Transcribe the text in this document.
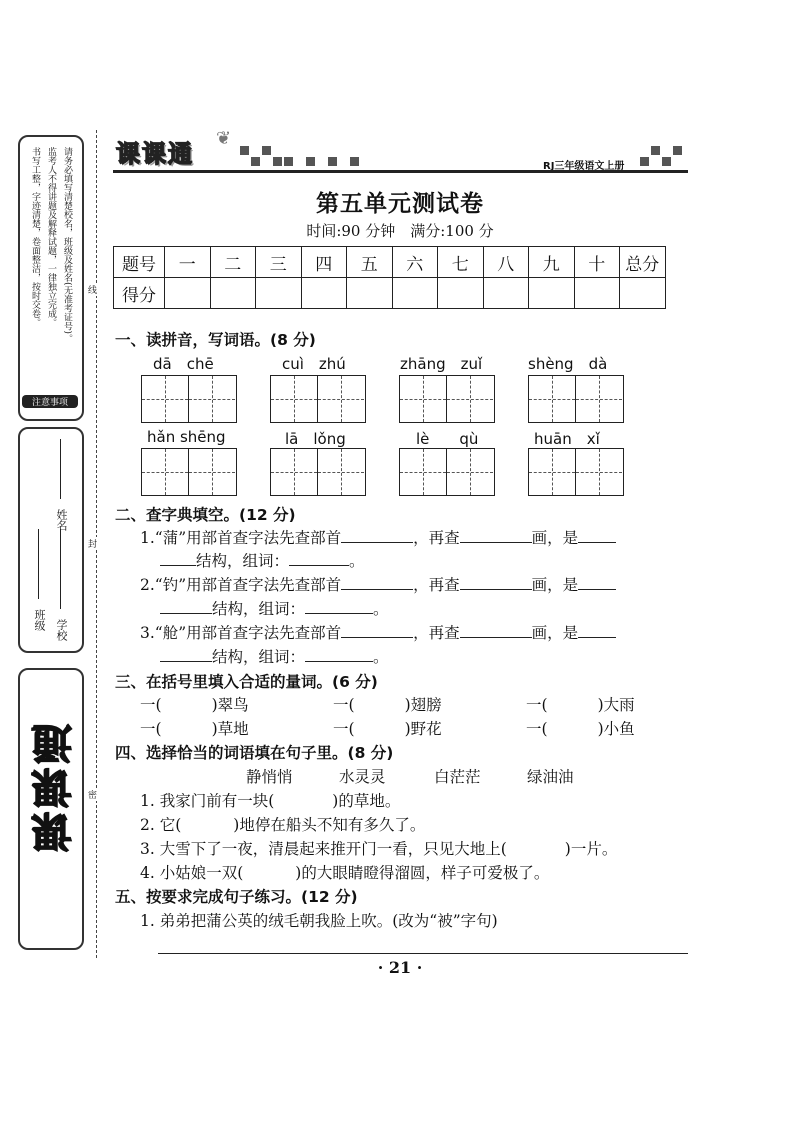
请务必填写清楚校名，班级及姓名(无准考证号)。
监考人不得讲题及解释试题，一律独立完成。
书写工整，字迹清楚，卷面整洁，按时交卷。
注意事项
姓名
班级 学校
课课通
线
封
密
课课通
❦
RJ三年级语文上册
第五单元测试卷
时间:90 分钟　满分:100 分
题号	一	二	三	四	五	六	七	八	九	十	总分
得分											
一、读拼音，写词语。(8 分)
dā　chē	cuì　zhú	zhāng　zuǐ	shèng　dà
hǎn shēng	lā　lǒng	lè　　qù	huān　xǐ
二、查字典填空。(12 分)
1.“蒲”用部首查字法先查部首	，再查	画，是
结构，组词：	。
2.“钓”用部首查字法先查部首	，再查	画，是
结构，组词：	。
3.“舱”用部首查字法先查部首	，再查	画，是
结构，组词：	。
三、在括号里填入合适的量词。(6 分)
一(	)翠鸟	一(	)翅膀	一(	)大雨
一(	)草地	一(	)野花	一(	)小鱼
四、选择恰当的词语填在句子里。(8 分)
静悄悄	水灵灵	白茫茫	绿油油
1. 我家门前有一块(	)的草地。
2. 它(	)地停在船头不知有多久了。
3. 大雪下了一夜，清晨起来推开门一看，只见大地上(	)一片。
4. 小姑娘一双(	)的大眼睛瞪得溜圆，样子可爱极了。
五、按要求完成句子练习。(12 分)
1. 弟弟把蒲公英的绒毛朝我脸上吹。(改为“被”字句)
· 21 ·
